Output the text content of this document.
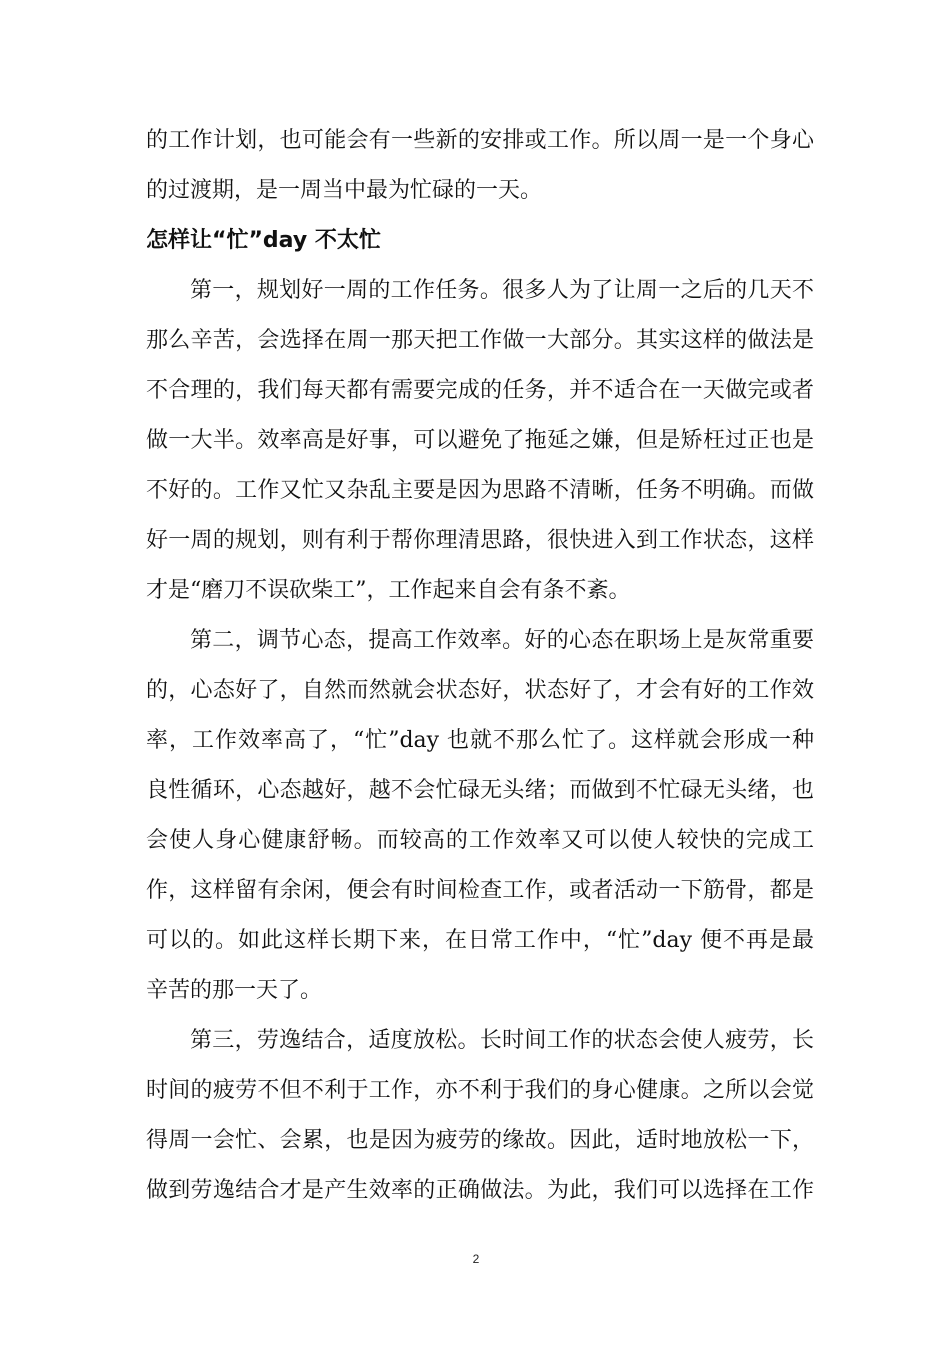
的工作计划，也可能会有一些新的安排或工作。所以周一是一个身心
的过渡期，是一周当中最为忙碌的一天。
怎样让“忙”day 不太忙
第一，规划好一周的工作任务。很多人为了让周一之后的几天不
那么辛苦，会选择在周一那天把工作做一大部分。其实这样的做法是
不合理的，我们每天都有需要完成的任务，并不适合在一天做完或者
做一大半。效率高是好事，可以避免了拖延之嫌，但是矫枉过正也是
不好的。工作又忙又杂乱主要是因为思路不清晰，任务不明确。而做
好一周的规划，则有利于帮你理清思路，很快进入到工作状态，这样
才是“磨刀不误砍柴工”，工作起来自会有条不紊。
第二，调节心态，提高工作效率。好的心态在职场上是灰常重要
的，心态好了，自然而然就会状态好，状态好了，才会有好的工作效
率，工作效率高了，“忙”day 也就不那么忙了。这样就会形成一种
良性循环，心态越好，越不会忙碌无头绪；而做到不忙碌无头绪，也
会使人身心健康舒畅。而较高的工作效率又可以使人较快的完成工
作，这样留有余闲，便会有时间检查工作，或者活动一下筋骨，都是
可以的。如此这样长期下来，在日常工作中，“忙”day 便不再是最
辛苦的那一天了。
第三，劳逸结合，适度放松。长时间工作的状态会使人疲劳，长
时间的疲劳不但不利于工作，亦不利于我们的身心健康。之所以会觉
得周一会忙、会累，也是因为疲劳的缘故。因此，适时地放松一下，
做到劳逸结合才是产生效率的正确做法。为此，我们可以选择在工作
2
